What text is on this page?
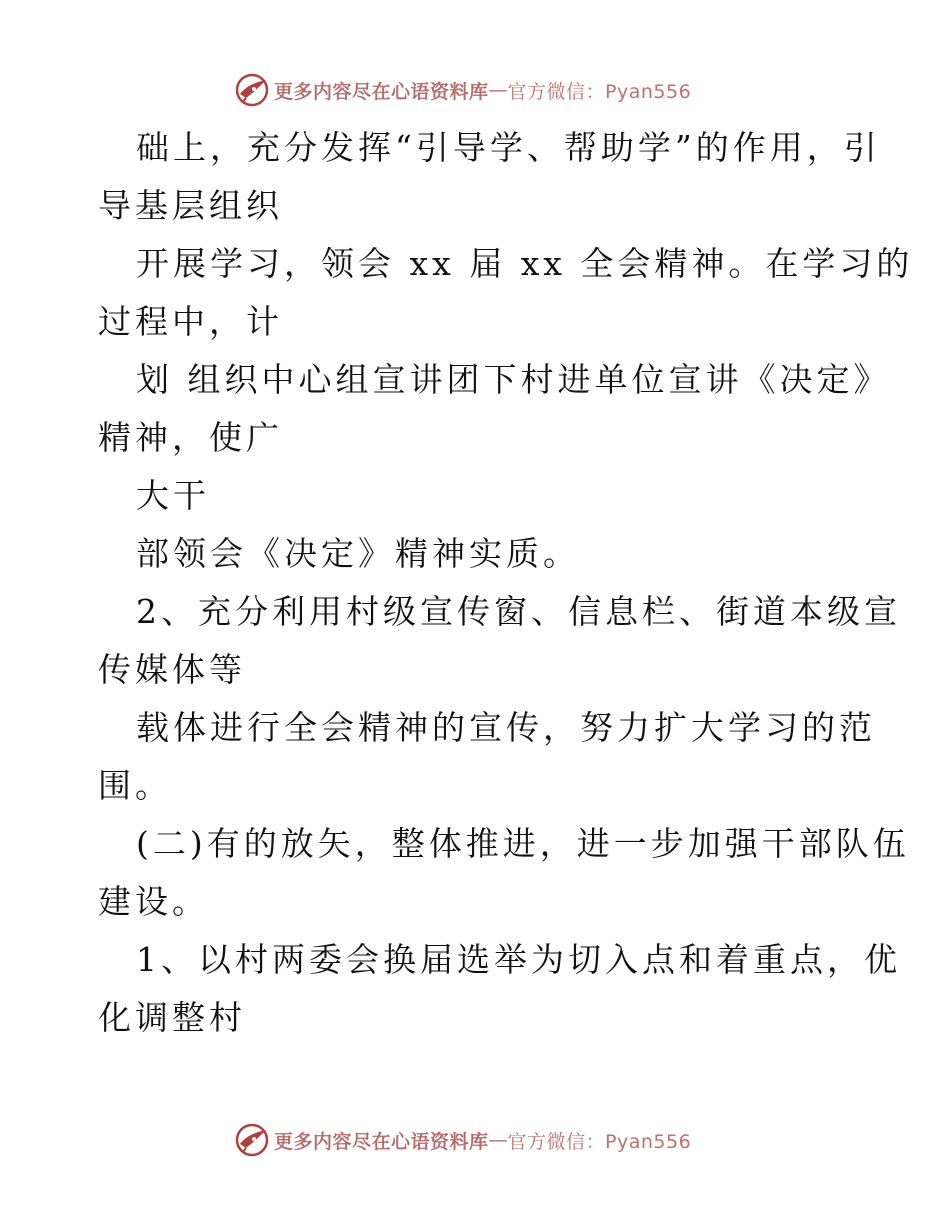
更多内容尽在心语资料库 — 官方微信：Pyan556
础上，充分发挥“引导学、帮助学”的作用，引
导基层组织
开展学习，领会 xx 届 xx 全会精神。在学习的
过程中，计
划 组织中心组宣讲团下村进单位宣讲《决定》
精神，使广
大干
部领会《决定》精神实质。
2、充分利用村级宣传窗、信息栏、街道本级宣
传媒体等
载体进行全会精神的宣传，努力扩大学习的范
围。
(二)有的放矢，整体推进，进一步加强干部队伍
建设。
1、以村两委会换届选举为切入点和着重点，优
化调整村
更多内容尽在心语资料库 — 官方微信：Pyan556
